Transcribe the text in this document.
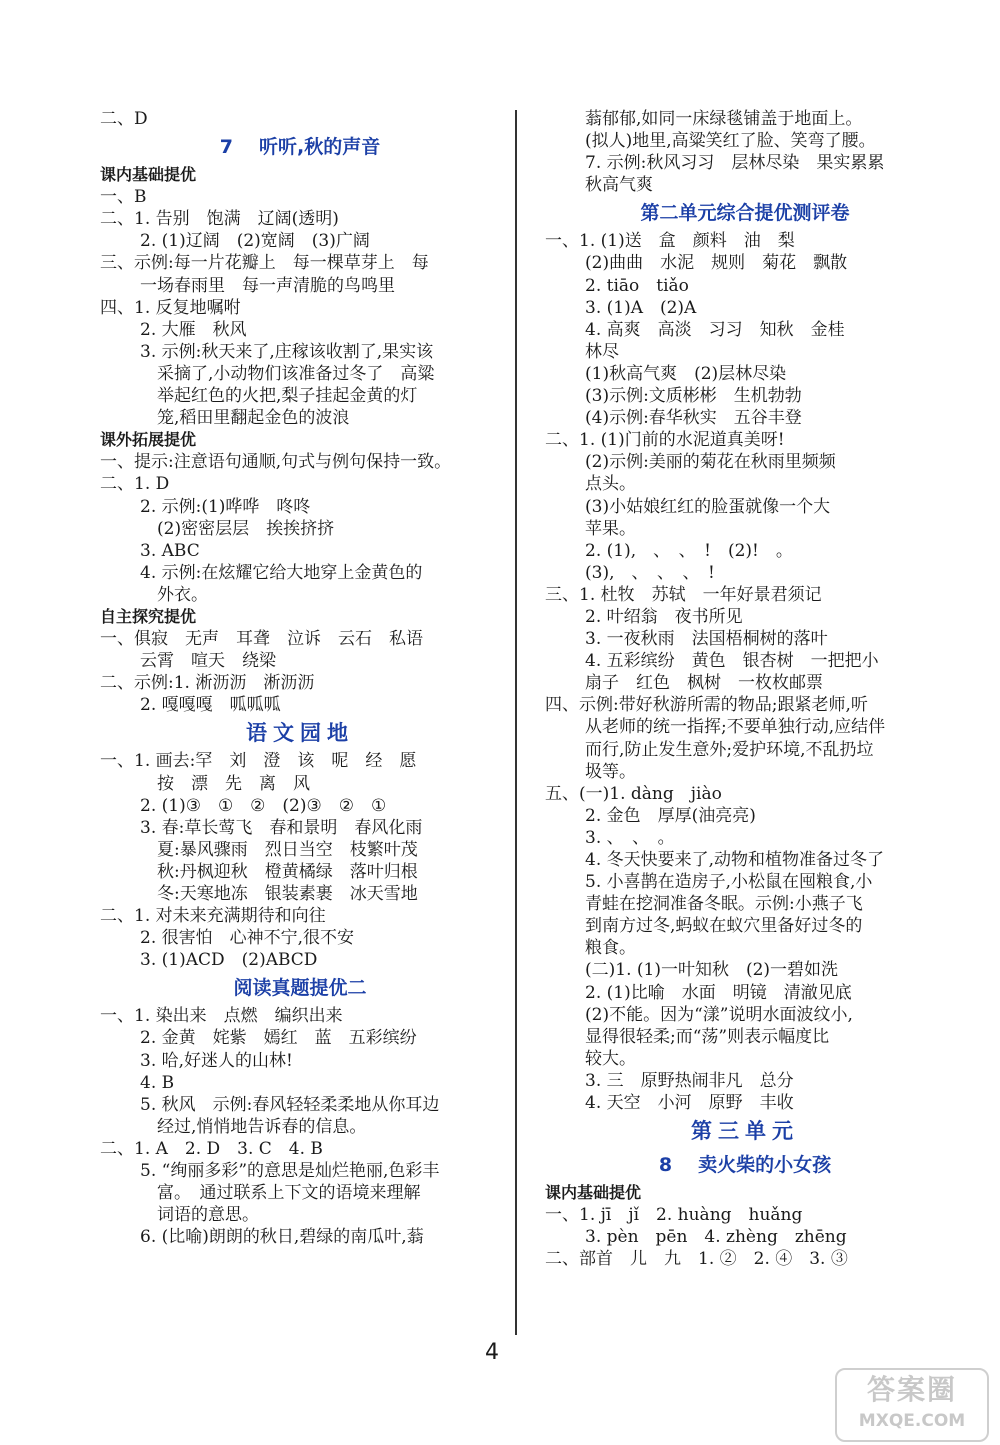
二、D
7 听听,秋的声音
课内基础提优
一、B
二、1. 告别　饱满　辽阔(透明)
2. (1)辽阔　(2)宽阔　(3)广阔
三、示例:每一片花瓣上　每一棵草芽上　每
一场春雨里　每一声清脆的鸟鸣里
四、1. 反复地嘱咐
2. 大雁　秋风
3. 示例:秋天来了,庄稼该收割了,果实该
　采摘了,小动物们该准备过冬了　高粱
　举起红色的火把,梨子挂起金黄的灯
　笼,稻田里翻起金色的波浪
课外拓展提优
一、提示:注意语句通顺,句式与例句保持一致。
二、1. D
2. 示例:(1)哗哗　咚咚
　(2)密密层层　挨挨挤挤
3. ABC
4. 示例:在炫耀它给大地穿上金黄色的
　外衣。
自主探究提优
一、俱寂　无声　耳聋　泣诉　云石　私语
云霄　喧天　绕梁
二、示例:1. 淅沥沥　淅沥沥
2. 嘎嘎嘎　呱呱呱
语文园地
一、1. 画去:罕　刘　澄　该　呢　经　愿
　按　漂　先　离　风
2. (1)③　①　②　(2)③　②　①
3. 春:草长莺飞　春和景明　春风化雨
　夏:暴风骤雨　烈日当空　枝繁叶茂
　秋:丹枫迎秋　橙黄橘绿　落叶归根
　冬:天寒地冻　银装素裹　冰天雪地
二、1. 对未来充满期待和向往
2. 很害怕　心神不宁,很不安
3. (1)ACD　(2)ABCD
阅读真题提优二
一、1. 染出来　点燃　编织出来
2. 金黄　姹紫　嫣红　蓝　五彩缤纷
3. 哈,好迷人的山林!
4. B
5. 秋风　示例:春风轻轻柔柔地从你耳边
　经过,悄悄地告诉春的信息。
二、1. A　2. D　3. C　4. B
5. “绚丽多彩”的意思是灿烂艳丽,色彩丰
　富。　通过联系上下文的语境来理解
　词语的意思。
6. (比喻)朗朗的秋日,碧绿的南瓜叶,蓊
蓊郁郁,如同一床绿毯铺盖于地面上。
(拟人)地里,高粱笑红了脸、笑弯了腰。
7. 示例:秋风习习　层林尽染　果实累累
秋高气爽
第二单元综合提优测评卷
一、1. (1)送　盒　颜料　油　梨
(2)曲曲　水泥　规则　菊花　飘散
2. tiāo　tiǎo
3. (1)A　(2)A
4. 高爽　高淡　习习　知秋　金桂
林尽
(1)秋高气爽　(2)层林尽染
(3)示例:文质彬彬　生机勃勃
(4)示例:春华秋实　五谷丰登
二、1. (1)门前的水泥道真美呀!
(2)示例:美丽的菊花在秋雨里频频
点头。
(3)小姑娘红红的脸蛋就像一个大
苹果。
2. (1),　、　、　!　(2)!　。
(3),　、　、　、　!
三、1. 杜牧　苏轼　一年好景君须记
2. 叶绍翁　夜书所见
3. 一夜秋雨　法国梧桐树的落叶
4. 五彩缤纷　黄色　银杏树　一把把小
扇子　红色　枫树　一枚枚邮票
四、示例:带好秋游所需的物品;跟紧老师,听
从老师的统一指挥;不要单独行动,应结伴
而行,防止发生意外;爱护环境,不乱扔垃
圾等。
五、(一)1. dàng　jiào
2. 金色　厚厚(油亮亮)
3. 、　、　。
4. 冬天快要来了,动物和植物准备过冬了
5. 小喜鹊在造房子,小松鼠在囤粮食,小
青蛙在挖洞准备冬眠。示例:小燕子飞
到南方过冬,蚂蚁在蚁穴里备好过冬的
粮食。
(二)1. (1)一叶知秋　(2)一碧如洗
2. (1)比喻　水面　明镜　清澈见底
(2)不能。因为“漾”说明水面波纹小,
显得很轻柔;而“荡”则表示幅度比
较大。
3. 三　原野热闹非凡　总分
4. 天空　小河　原野　丰收
第三单元
8 卖火柴的小女孩
课内基础提优
一、1. jī　jǐ　2. huàng　huǎng
3. pèn　pēn　4. zhèng　zhēng
二、部首　儿　九　1. ②　2. ④　3. ③
4
答案圈
MXQE.COM
